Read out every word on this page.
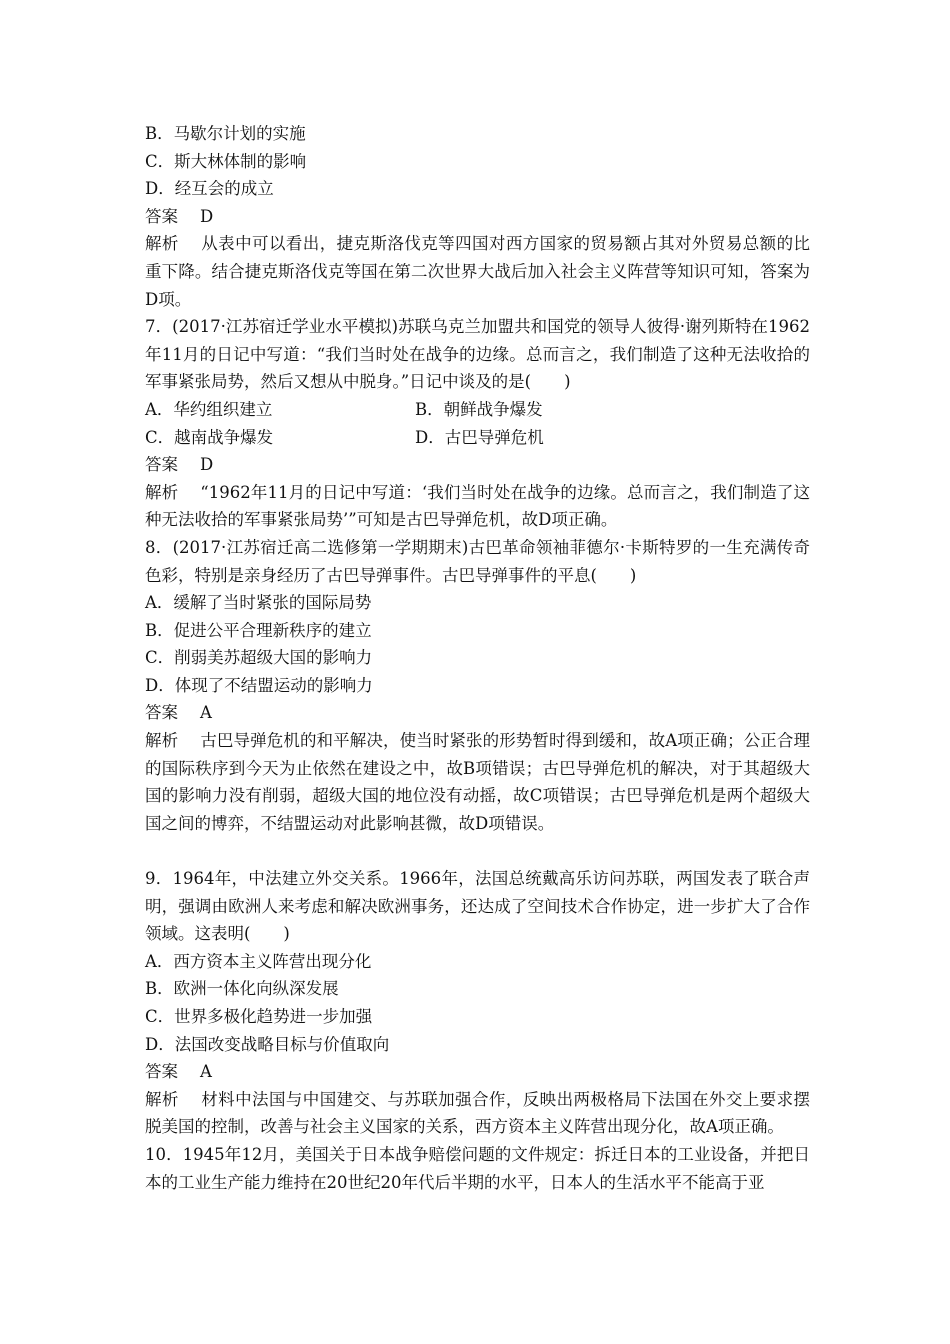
B．马歇尔计划的实施
C．斯大林体制的影响
D．经互会的成立
答案 D
解析 从表中可以看出，捷克斯洛伐克等四国对西方国家的贸易额占其对外贸易总额的比重下降。结合捷克斯洛伐克等国在第二次世界大战后加入社会主义阵营等知识可知，答案为D项。
7．(2017·江苏宿迁学业水平模拟)苏联乌克兰加盟共和国党的领导人彼得·谢列斯特在1962年11月的日记中写道：“我们当时处在战争的边缘。总而言之，我们制造了这种无法收拾的军事紧张局势，然后又想从中脱身。”日记中谈及的是(　　)
A．华约组织建立	B．朝鲜战争爆发
C．越南战争爆发	D．古巴导弹危机
答案 D
解析 “1962年11月的日记中写道：‘我们当时处在战争的边缘。总而言之，我们制造了这种无法收拾的军事紧张局势’”可知是古巴导弹危机，故D项正确。
8．(2017·江苏宿迁高二选修第一学期期末)古巴革命领袖菲德尔·卡斯特罗的一生充满传奇色彩，特别是亲身经历了古巴导弹事件。古巴导弹事件的平息(　　)
A．缓解了当时紧张的国际局势
B．促进公平合理新秩序的建立
C．削弱美苏超级大国的影响力
D．体现了不结盟运动的影响力
答案 A
解析 古巴导弹危机的和平解决，使当时紧张的形势暂时得到缓和，故A项正确；公正合理的国际秩序到今天为止依然在建设之中，故B项错误；古巴导弹危机的解决，对于其超级大国的影响力没有削弱，超级大国的地位没有动摇，故C项错误；古巴导弹危机是两个超级大国之间的博弈，不结盟运动对此影响甚微，故D项错误。
9．1964年，中法建立外交关系。1966年，法国总统戴高乐访问苏联，两国发表了联合声明，强调由欧洲人来考虑和解决欧洲事务，还达成了空间技术合作协定，进一步扩大了合作领域。这表明(　　)
A．西方资本主义阵营出现分化
B．欧洲一体化向纵深发展
C．世界多极化趋势进一步加强
D．法国改变战略目标与价值取向
答案 A
解析 材料中法国与中国建交、与苏联加强合作，反映出两极格局下法国在外交上要求摆脱美国的控制，改善与社会主义国家的关系，西方资本主义阵营出现分化，故A项正确。
10．1945年12月，美国关于日本战争赔偿问题的文件规定：拆迁日本的工业设备，并把日本的工业生产能力维持在20世纪20年代后半期的水平，日本人的生活水平不能高于亚
